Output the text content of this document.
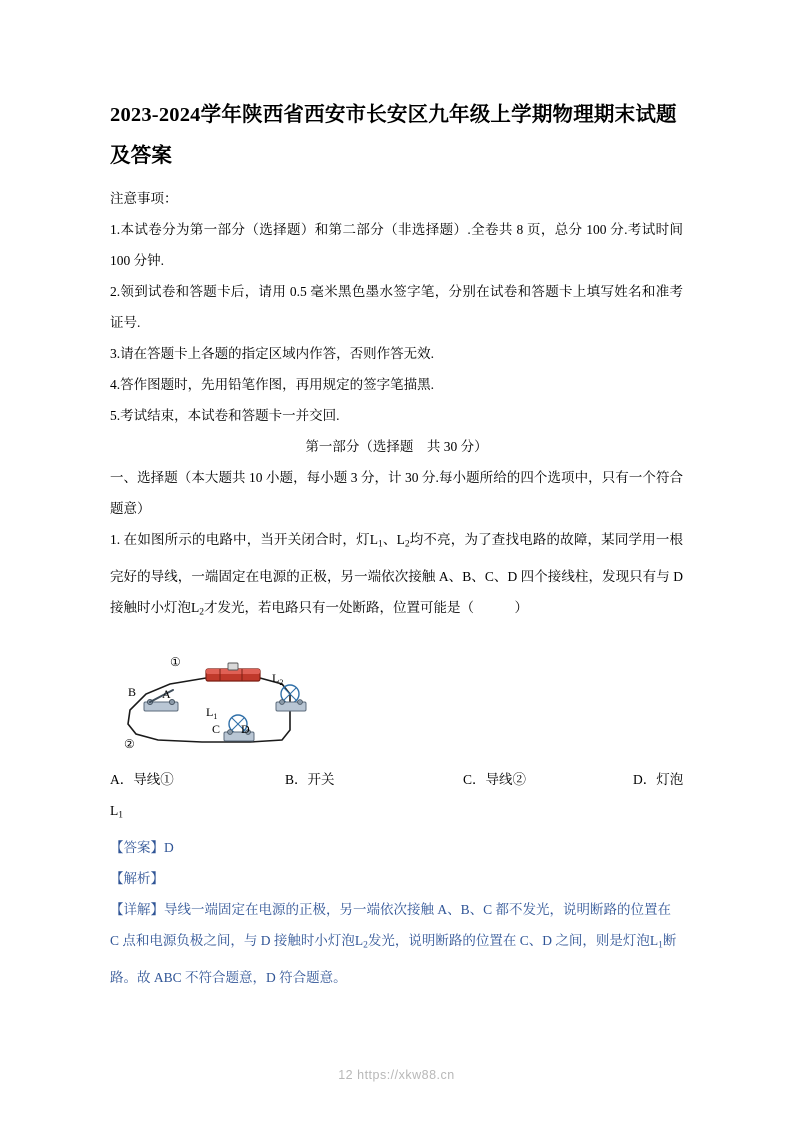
2023-2024学年陕西省西安市长安区九年级上学期物理期末试题及答案

注意事项：

1.本试卷分为第一部分（选择题）和第二部分（非选择题）.全卷共 8 页，总分 100 分.考试时间 100 分钟.

2.领到试卷和答题卡后，请用 0.5 毫米黑色墨水签字笔，分别在试卷和答题卡上填写姓名和准考证号.

3.请在答题卡上各题的指定区域内作答，否则作答无效.

4.答作图题时，先用铅笔作图，再用规定的签字笔描黑.

5.考试结束，本试卷和答题卡一并交回.

第一部分（选择题　共 30 分）

一、选择题（本大题共 10 小题，每小题 3 分，计 30 分.每小题所给的四个选项中，只有一个符合题意）

1. 在如图所示的电路中，当开关闭合时，灯$L_1$、$L_2$均不亮，为了查找电路的故障，某同学用一根完好的导线，一端固定在电源的正极，另一端依次接触 A、B、C、D 四个接线柱，发现只有与 D 接触时小灯泡$L_2$才发光，若电路只有一处断路，位置可能是（　　　）

①
②
A
B
C D
$L_1$
$L_2$

A．导线①	B．开关	C．导线②	D．灯泡

$L_1$

【答案】D

【解析】

【详解】导线一端固定在电源的正极，另一端依次接触 A、B、C 都不发光，说明断路的位置在 C 点和电源负极之间，与 D 接触时小灯泡$L_2$发光，说明断路的位置在 C、D 之间，则是灯泡$L_1$断路。故 ABC 不符合题意，D 符合题意。

12 https://xkw88.cn
